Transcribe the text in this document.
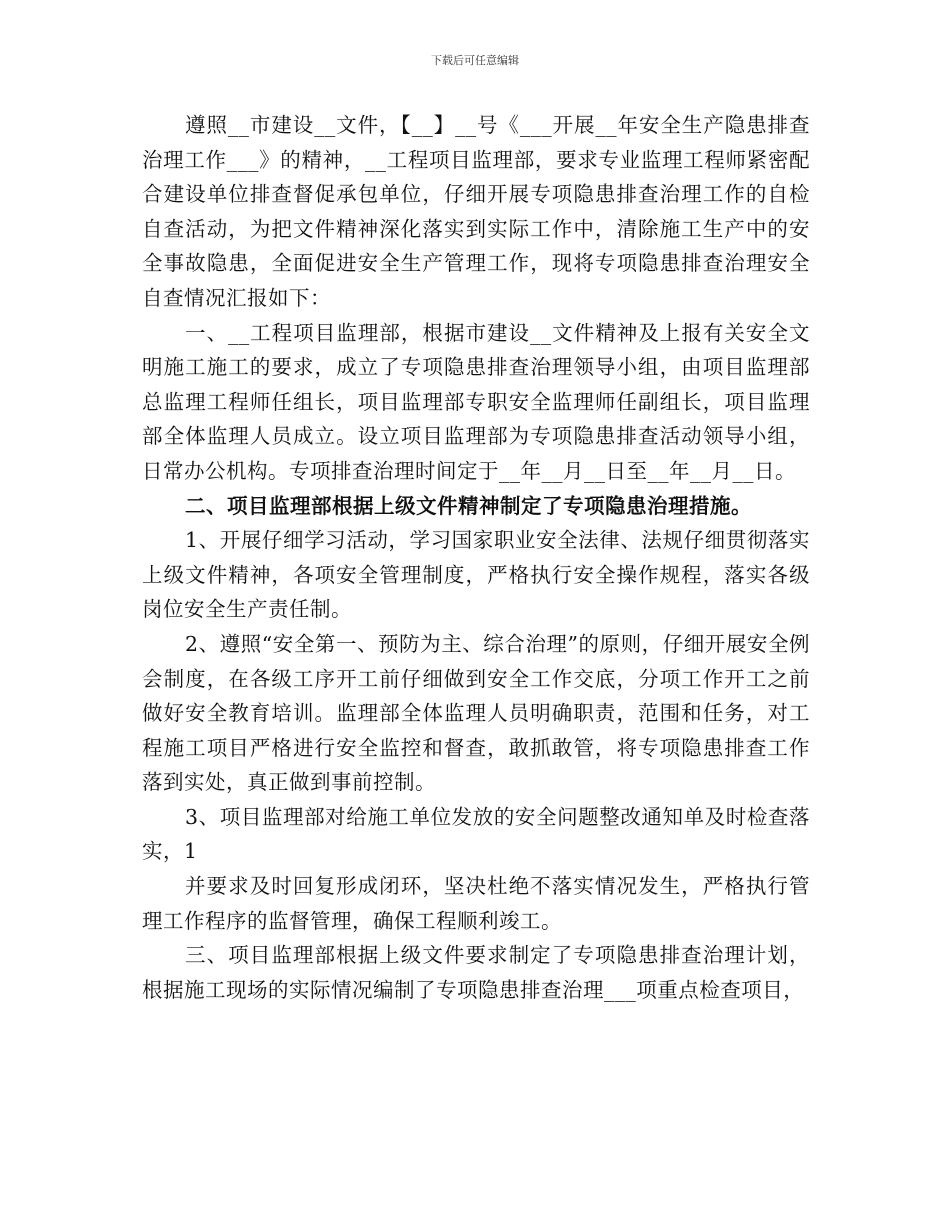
下载后可任意编辑

遵照__市建设__文件，【__】__号《___开展__年安全生产隐患排查治理工作___》的精神，__工程项目监理部，要求专业监理工程师紧密配合建设单位排查督促承包单位，仔细开展专项隐患排查治理工作的自检自查活动，为把文件精神深化落实到实际工作中，清除施工生产中的安全事故隐患，全面促进安全生产管理工作，现将专项隐患排查治理安全自查情况汇报如下：

一、__工程项目监理部，根据市建设__文件精神及上报有关安全文明施工施工的要求，成立了专项隐患排查治理领导小组，由项目监理部总监理工程师任组长，项目监理部专职安全监理师任副组长，项目监理部全体监理人员成立。设立项目监理部为专项隐患排查活动领导小组，日常办公机构。专项排查治理时间定于__年__月__日至__年__月__日。

二、项目监理部根据上级文件精神制定了专项隐患治理措施。

1、开展仔细学习活动，学习国家职业安全法律、法规仔细贯彻落实上级文件精神，各项安全管理制度，严格执行安全操作规程，落实各级岗位安全生产责任制。

2、遵照“安全第一、预防为主、综合治理”的原则，仔细开展安全例会制度，在各级工序开工前仔细做到安全工作交底，分项工作开工之前做好安全教育培训。监理部全体监理人员明确职责，范围和任务，对工程施工项目严格进行安全监控和督查，敢抓敢管，将专项隐患排查工作落到实处，真正做到事前控制。

3、项目监理部对给施工单位发放的安全问题整改通知单及时检查落实，1

并要求及时回复形成闭环，坚决杜绝不落实情况发生，严格执行管理工作程序的监督管理，确保工程顺利竣工。

三、项目监理部根据上级文件要求制定了专项隐患排查治理计划，根据施工现场的实际情况编制了专项隐患排查治理___项重点检查项目，
